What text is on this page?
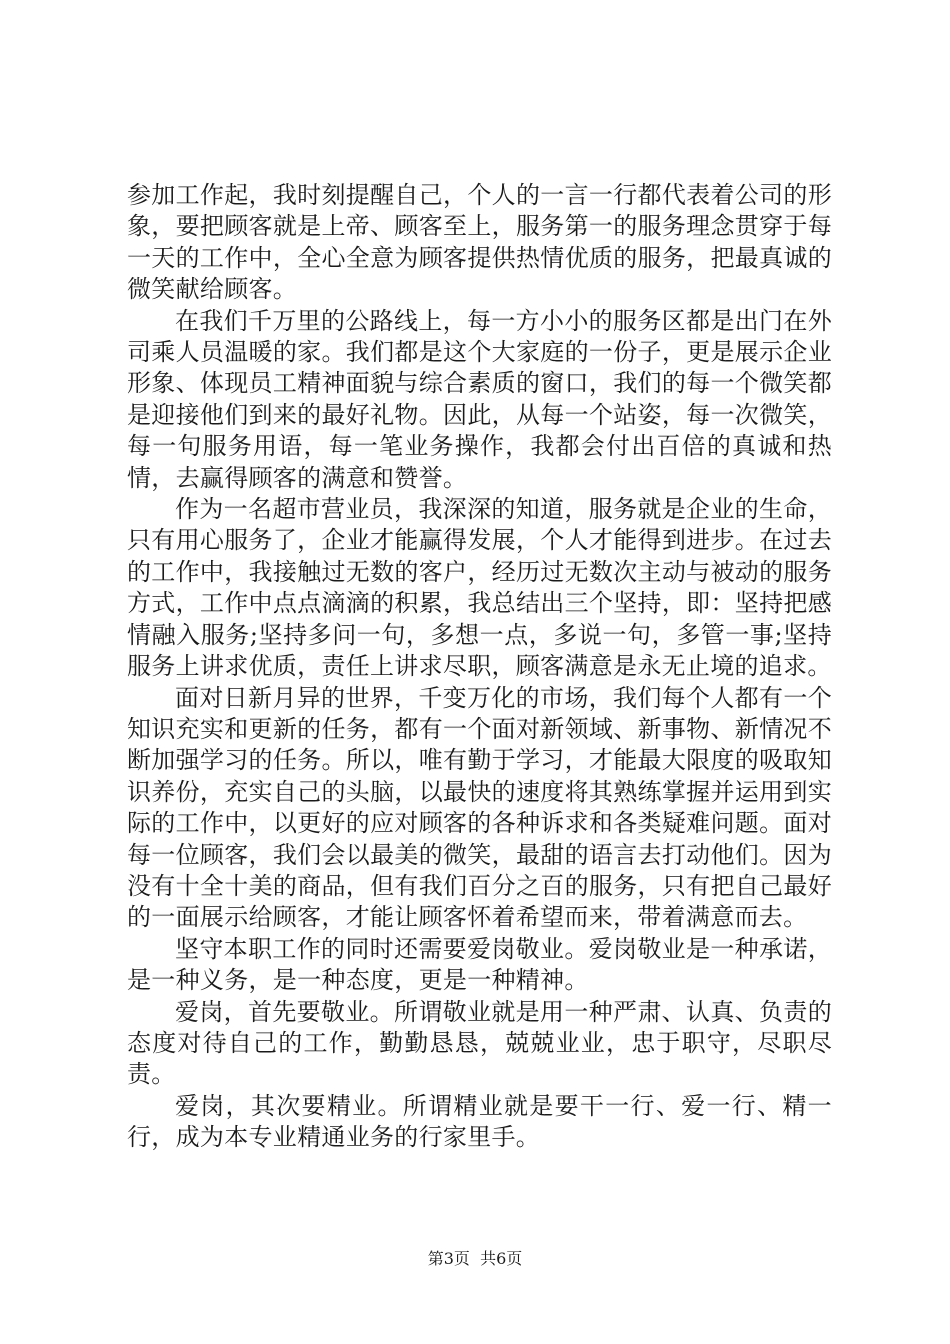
参加工作起，我时刻提醒自己，个人的一言一行都代表着公司的形象，要把顾客就是上帝、顾客至上，服务第一的服务理念贯穿于每一天的工作中，全心全意为顾客提供热情优质的服务，把最真诚的微笑献给顾客。

在我们千万里的公路线上，每一方小小的服务区都是出门在外司乘人员温暖的家。我们都是这个大家庭的一份子，更是展示企业形象、体现员工精神面貌与综合素质的窗口，我们的每一个微笑都是迎接他们到来的最好礼物。因此，从每一个站姿，每一次微笑，每一句服务用语，每一笔业务操作，我都会付出百倍的真诚和热情，去赢得顾客的满意和赞誉。

作为一名超市营业员，我深深的知道，服务就是企业的生命，只有用心服务了，企业才能赢得发展，个人才能得到进步。在过去的工作中，我接触过无数的客户，经历过无数次主动与被动的服务方式，工作中点点滴滴的积累，我总结出三个坚持，即：坚持把感情融入服务;坚持多问一句，多想一点，多说一句，多管一事;坚持服务上讲求优质，责任上讲求尽职，顾客满意是永无止境的追求。

面对日新月异的世界，千变万化的市场，我们每个人都有一个知识充实和更新的任务，都有一个面对新领域、新事物、新情况不断加强学习的任务。所以，唯有勤于学习，才能最大限度的吸取知识养份，充实自己的头脑，以最快的速度将其熟练掌握并运用到实际的工作中，以更好的应对顾客的各种诉求和各类疑难问题。面对每一位顾客，我们会以最美的微笑，最甜的语言去打动他们。因为没有十全十美的商品，但有我们百分之百的服务，只有把自己最好的一面展示给顾客，才能让顾客怀着希望而来，带着满意而去。

坚守本职工作的同时还需要爱岗敬业。爱岗敬业是一种承诺，是一种义务，是一种态度，更是一种精神。

爱岗，首先要敬业。所谓敬业就是用一种严肃、认真、负责的态度对待自己的工作，勤勤恳恳，兢兢业业，忠于职守，尽职尽责。

爱岗，其次要精业。所谓精业就是要干一行、爱一行、精一行，成为本专业精通业务的行家里手。

第3页  共6页
